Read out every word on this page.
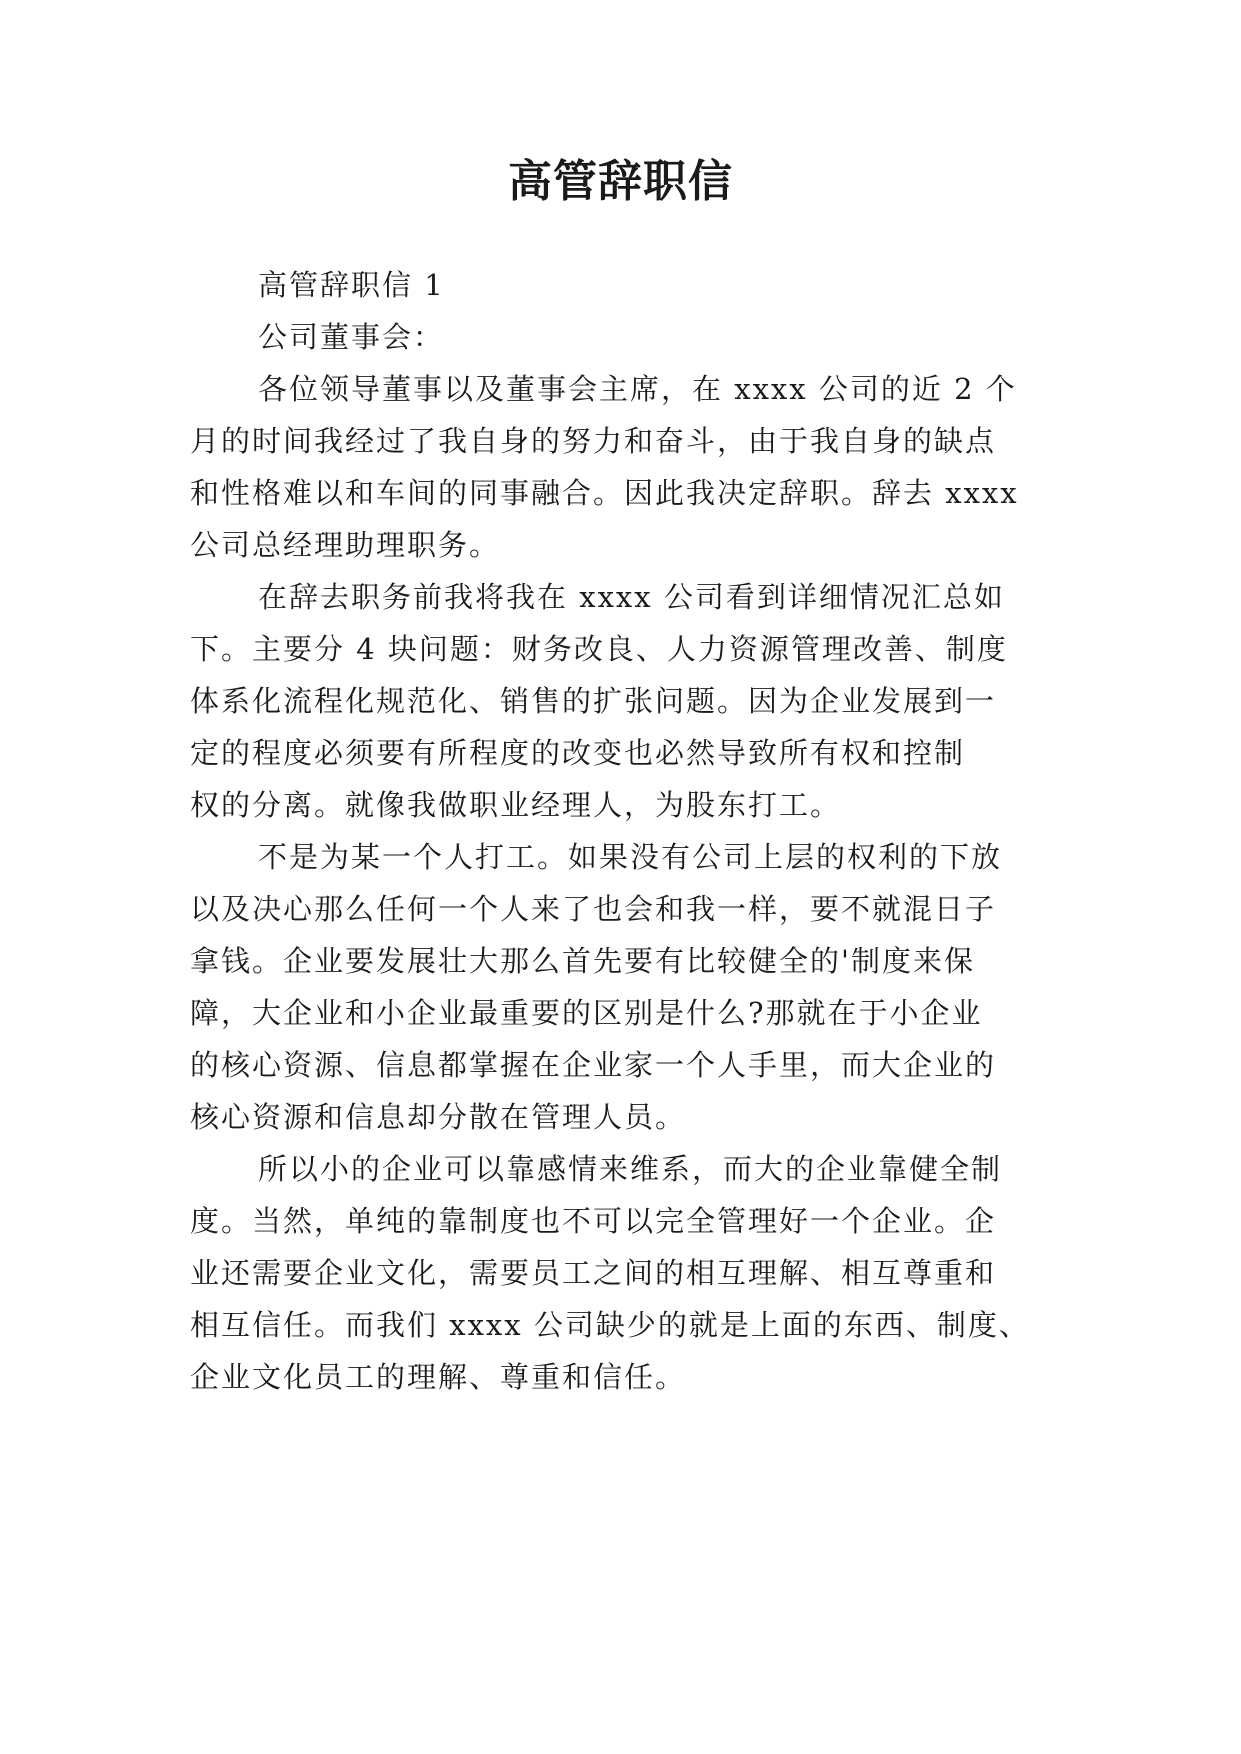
高管辞职信
高管辞职信 1
公司董事会：
各位领导董事以及董事会主席，在 xxxx 公司的近 2 个
月的时间我经过了我自身的努力和奋斗，由于我自身的缺点
和性格难以和车间的同事融合。因此我决定辞职。辞去 xxxx
公司总经理助理职务。
在辞去职务前我将我在 xxxx 公司看到详细情况汇总如
下。主要分 4 块问题：财务改良、人力资源管理改善、制度
体系化流程化规范化、销售的扩张问题。因为企业发展到一
定的程度必须要有所程度的改变也必然导致所有权和控制
权的分离。就像我做职业经理人，为股东打工。
不是为某一个人打工。如果没有公司上层的权利的下放
以及决心那么任何一个人来了也会和我一样，要不就混日子
拿钱。企业要发展壮大那么首先要有比较健全的'制度来保
障，大企业和小企业最重要的区别是什么?那就在于小企业
的核心资源、信息都掌握在企业家一个人手里，而大企业的
核心资源和信息却分散在管理人员。
所以小的企业可以靠感情来维系，而大的企业靠健全制
度。当然，单纯的靠制度也不可以完全管理好一个企业。企
业还需要企业文化，需要员工之间的相互理解、相互尊重和
相互信任。而我们 xxxx 公司缺少的就是上面的东西、制度、
企业文化员工的理解、尊重和信任。
